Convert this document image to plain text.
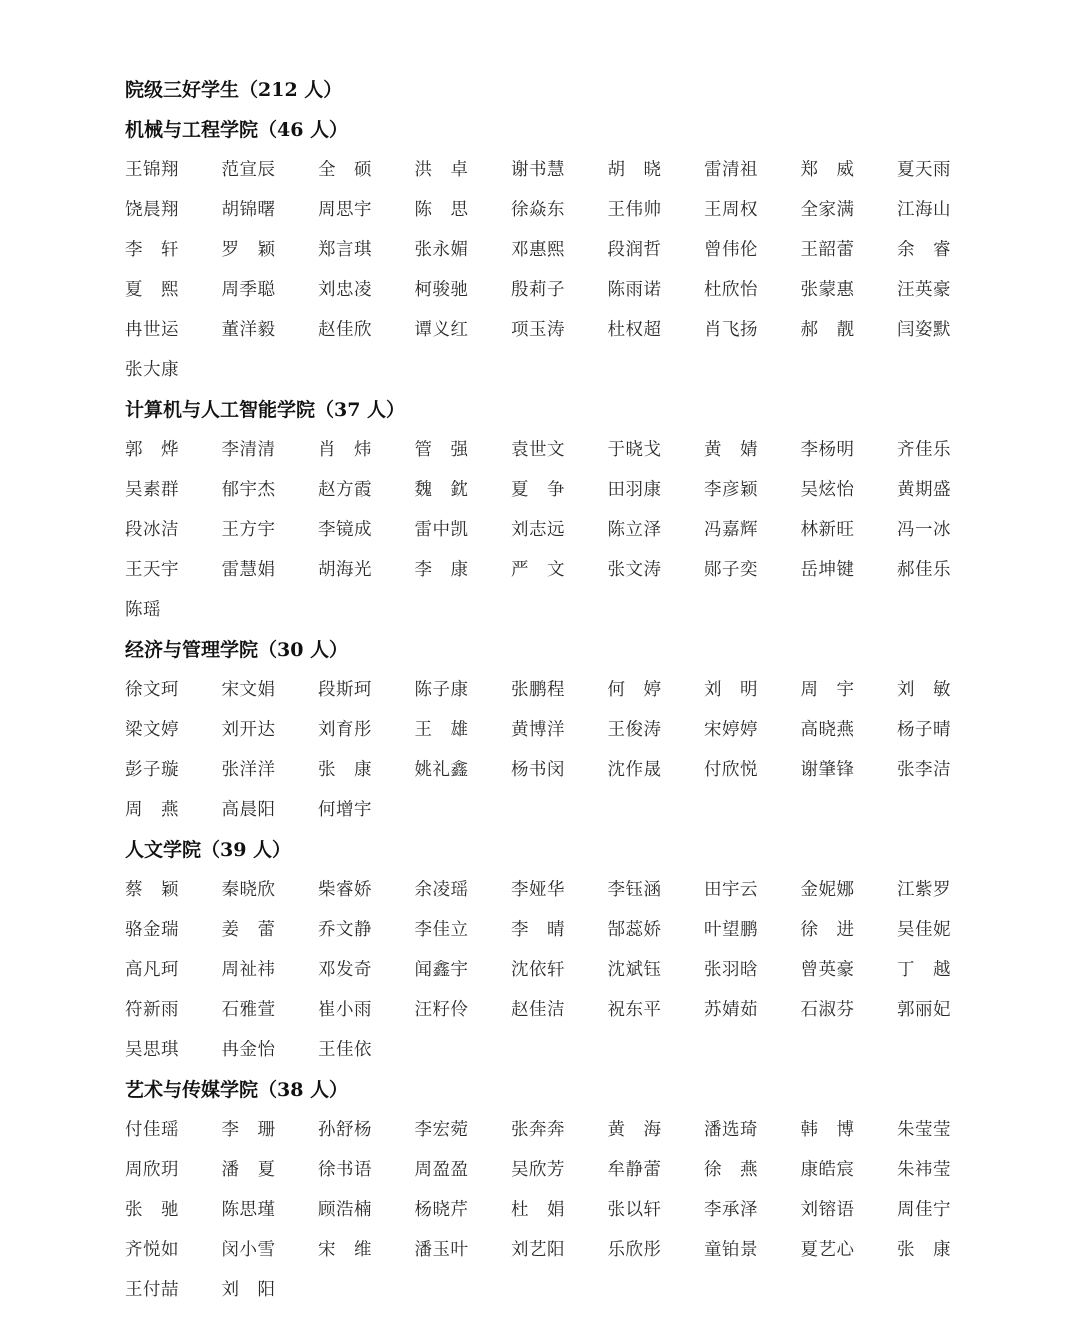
院级三好学生（212 人）
机械与工程学院（46 人）
王锦翔	范宣辰	全　硕	洪　卓	谢书慧	胡　晓	雷清祖	郑　威	夏天雨
饶晨翔	胡锦曙	周思宇	陈　思	徐焱东	王伟帅	王周权	全家满	江海山
李　轩	罗　颖	郑言琪	张永媚	邓惠熙	段润哲	曾伟伦	王韶蕾	余　睿
夏　熙	周季聪	刘忠凌	柯骏驰	殷莉子	陈雨诺	杜欣怡	张蒙惠	汪英豪
冉世运	董洋毅	赵佳欣	谭义红	项玉涛	杜权超	肖飞扬	郝　靓	闫姿默
张大康
计算机与人工智能学院（37 人）
郭　烨	李清清	肖　炜	管　强	袁世文	于晓戈	黄　婧	李杨明	齐佳乐
吴素群	郁宇杰	赵方霞	魏　鈂	夏　争	田羽康	李彦颖	吴炫怡	黄期盛
段冰洁	王方宇	李镜成	雷中凯	刘志远	陈立泽	冯嘉辉	林新旺	冯一冰
王天宇	雷慧娟	胡海光	李　康	严　文	张文涛	郧子奕	岳坤键	郝佳乐
陈瑶
经济与管理学院（30 人）
徐文珂	宋文娟	段斯珂	陈子康	张鹏程	何　婷	刘　明	周　宇	刘　敏
梁文婷	刘开达	刘育彤	王　雄	黄博洋	王俊涛	宋婷婷	高晓燕	杨子晴
彭子璇	张洋洋	张　康	姚礼鑫	杨书闵	沈作晟	付欣悦	谢肇锋	张李洁
周　燕	高晨阳	何增宇
人文学院（39 人）
蔡　颖	秦晓欣	柴睿娇	余凌瑶	李娅华	李钰涵	田宇云	金妮娜	江紫罗
骆金瑞	姜　蕾	乔文静	李佳立	李　晴	郜蕊娇	叶望鹏	徐　进	吴佳妮
高凡珂	周祉祎	邓发奇	闻鑫宇	沈依轩	沈斌钰	张羽晗	曾英豪	丁　越
符新雨	石雅萱	崔小雨	汪籽伶	赵佳洁	祝东平	苏婧茹	石淑芬	郭丽妃
吴思琪	冉金怡	王佳依
艺术与传媒学院（38 人）
付佳瑶	李　珊	孙舒杨	李宏菀	张奔奔	黄　海	潘选琦	韩　博	朱莹莹
周欣玥	潘　夏	徐书语	周盈盈	吴欣芳	牟静蕾	徐　燕	康皓宸	朱祎莹
张　驰	陈思瑾	顾浩楠	杨晓芹	杜　娟	张以轩	李承泽	刘镕语	周佳宁
齐悦如	闵小雪	宋　维	潘玉叶	刘艺阳	乐欣彤	童铂景	夏艺心	张　康
王付喆	刘　阳
